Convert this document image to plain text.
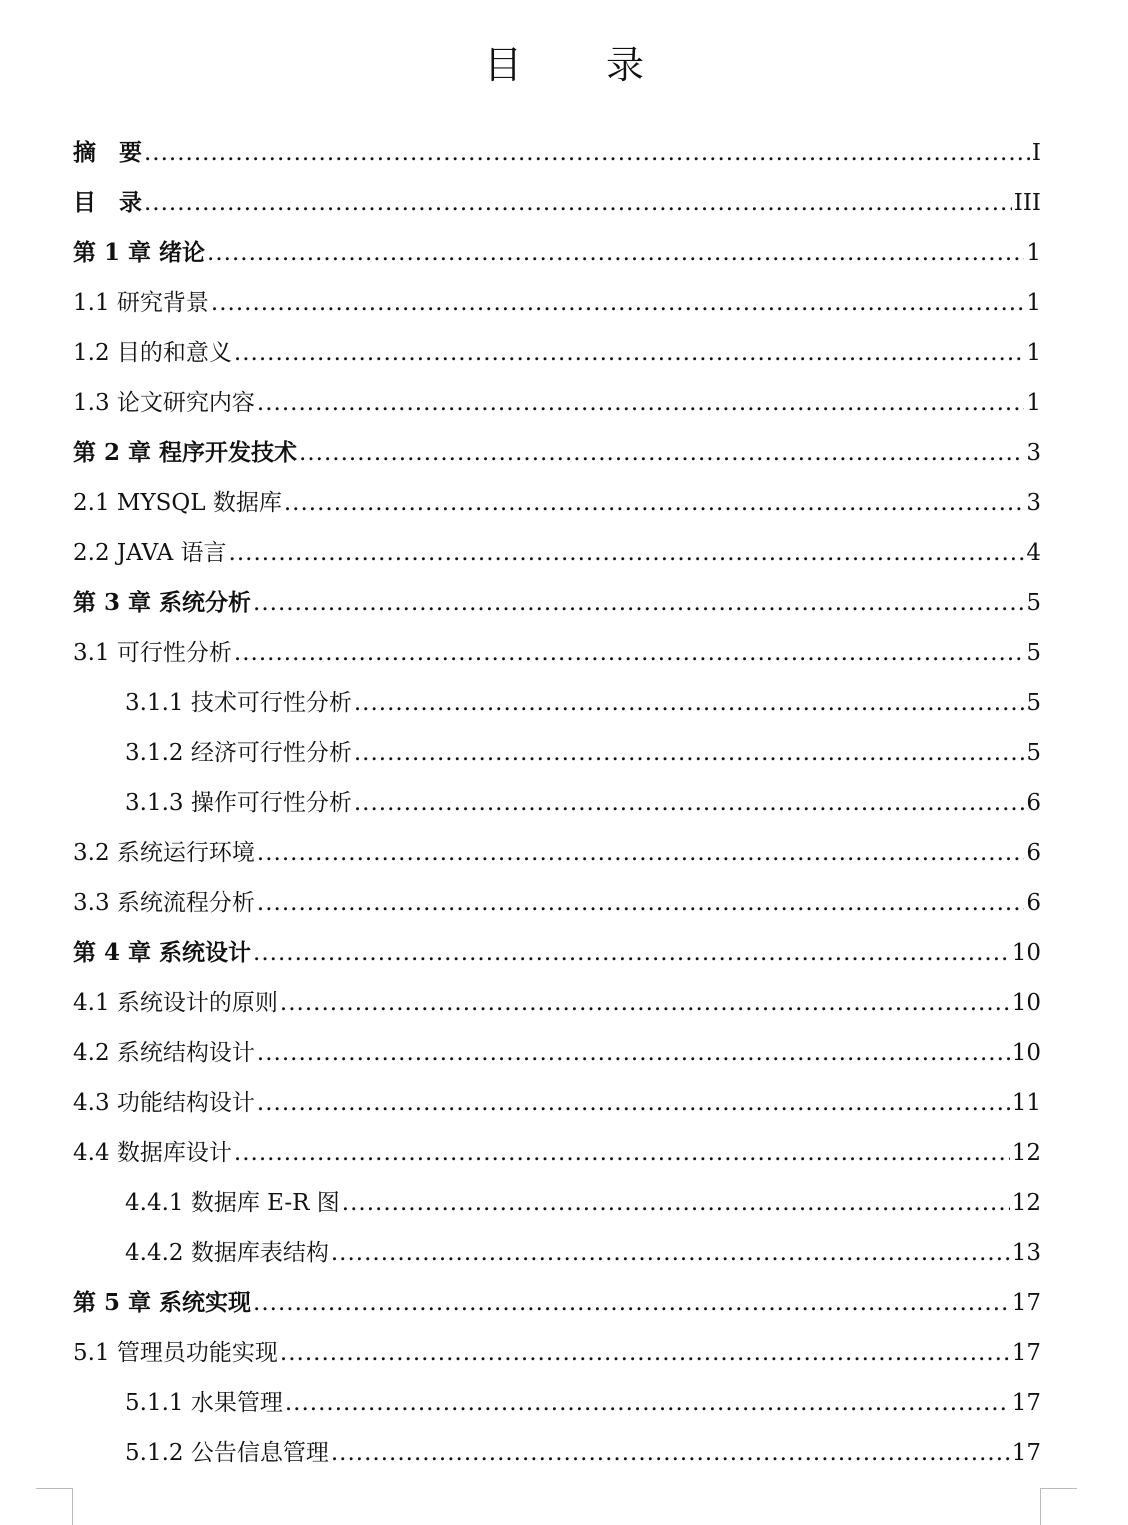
目 录
摘　要 .....	I
目　录 .....	III
第 1 章 绪论 .....	1
1.1 研究背景 .....	1
1.2 目的和意义 .....	1
1.3 论文研究内容 .....	1
第 2 章 程序开发技术 .....	3
2.1 MYSQL 数据库 .....	3
2.2 JAVA 语言 .....	4
第 3 章 系统分析 .....	5
3.1 可行性分析 .....	5
3.1.1 技术可行性分析 .....	5
3.1.2 经济可行性分析 .....	5
3.1.3 操作可行性分析 .....	6
3.2 系统运行环境 .....	6
3.3 系统流程分析 .....	6
第 4 章 系统设计 .....	10
4.1 系统设计的原则 .....	10
4.2 系统结构设计 .....	10
4.3 功能结构设计 .....	11
4.4 数据库设计 .....	12
4.4.1 数据库 E-R 图 .....	12
4.4.2 数据库表结构 .....	13
第 5 章 系统实现 .....	17
5.1 管理员功能实现 .....	17
5.1.1 水果管理 .....	17
5.1.2 公告信息管理 .....	17
